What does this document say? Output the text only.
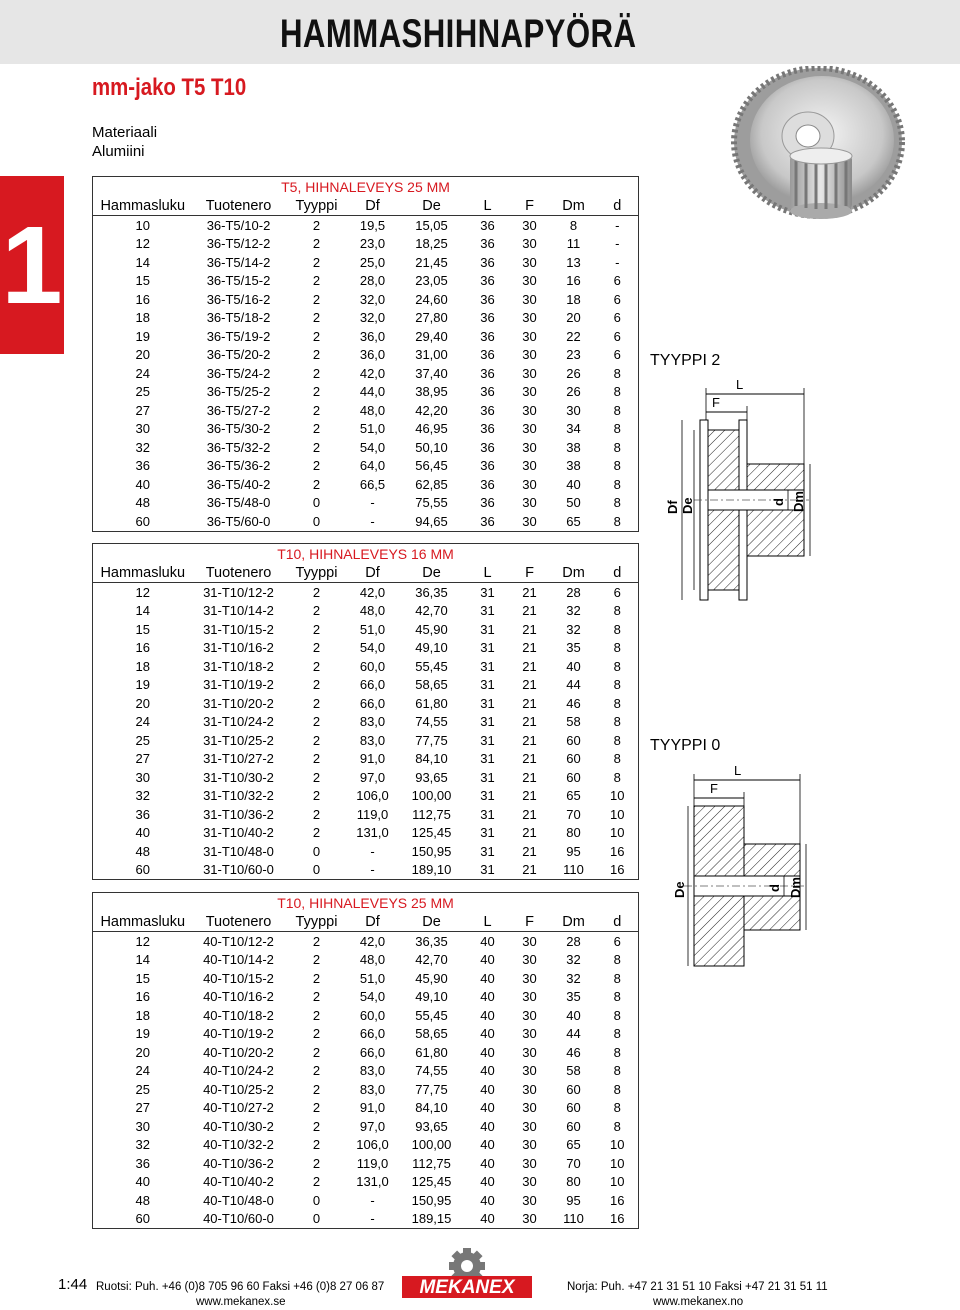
HAMMASHIHNAPYÖRÄ
mm-jako T5 T10
Materiaali
Alumiini
1
T5, HIHNALEVEYS 25 MM								
Hammasluku	Tuotenero	Tyyppi	Df	De	L	F	Dm	d
10	36-T5/10-2	2	19,5	15,05	36	30	8	-
12	36-T5/12-2	2	23,0	18,25	36	30	11	-
14	36-T5/14-2	2	25,0	21,45	36	30	13	-
15	36-T5/15-2	2	28,0	23,05	36	30	16	6
16	36-T5/16-2	2	32,0	24,60	36	30	18	6
18	36-T5/18-2	2	32,0	27,80	36	30	20	6
19	36-T5/19-2	2	36,0	29,40	36	30	22	6
20	36-T5/20-2	2	36,0	31,00	36	30	23	6
24	36-T5/24-2	2	42,0	37,40	36	30	26	8
25	36-T5/25-2	2	44,0	38,95	36	30	26	8
27	36-T5/27-2	2	48,0	42,20	36	30	30	8
30	36-T5/30-2	2	51,0	46,95	36	30	34	8
32	36-T5/32-2	2	54,0	50,10	36	30	38	8
36	36-T5/36-2	2	64,0	56,45	36	30	38	8
40	36-T5/40-2	2	66,5	62,85	36	30	40	8
48	36-T5/48-0	0	-	75,55	36	30	50	8
60	36-T5/60-0	0	-	94,65	36	30	65	8
T10, HIHNALEVEYS 16 MM								
Hammasluku	Tuotenero	Tyyppi	Df	De	L	F	Dm	d
12	31-T10/12-2	2	42,0	36,35	31	21	28	6
14	31-T10/14-2	2	48,0	42,70	31	21	32	8
15	31-T10/15-2	2	51,0	45,90	31	21	32	8
16	31-T10/16-2	2	54,0	49,10	31	21	35	8
18	31-T10/18-2	2	60,0	55,45	31	21	40	8
19	31-T10/19-2	2	66,0	58,65	31	21	44	8
20	31-T10/20-2	2	66,0	61,80	31	21	46	8
24	31-T10/24-2	2	83,0	74,55	31	21	58	8
25	31-T10/25-2	2	83,0	77,75	31	21	60	8
27	31-T10/27-2	2	91,0	84,10	31	21	60	8
30	31-T10/30-2	2	97,0	93,65	31	21	60	8
32	31-T10/32-2	2	106,0	100,00	31	21	65	10
36	31-T10/36-2	2	119,0	112,75	31	21	70	10
40	31-T10/40-2	2	131,0	125,45	31	21	80	10
48	31-T10/48-0	0	-	150,95	31	21	95	16
60	31-T10/60-0	0	-	189,10	31	21	110	16
T10, HIHNALEVEYS 25 MM								
Hammasluku	Tuotenero	Tyyppi	Df	De	L	F	Dm	d
12	40-T10/12-2	2	42,0	36,35	40	30	28	6
14	40-T10/14-2	2	48,0	42,70	40	30	32	8
15	40-T10/15-2	2	51,0	45,90	40	30	32	8
16	40-T10/16-2	2	54,0	49,10	40	30	35	8
18	40-T10/18-2	2	60,0	55,45	40	30	40	8
19	40-T10/19-2	2	66,0	58,65	40	30	44	8
20	40-T10/20-2	2	66,0	61,80	40	30	46	8
24	40-T10/24-2	2	83,0	74,55	40	30	58	8
25	40-T10/25-2	2	83,0	77,75	40	30	60	8
27	40-T10/27-2	2	91,0	84,10	40	30	60	8
30	40-T10/30-2	2	97,0	93,65	40	30	60	8
32	40-T10/32-2	2	106,0	100,00	40	30	65	10
36	40-T10/36-2	2	119,0	112,75	40	30	70	10
40	40-T10/40-2	2	131,0	125,45	40	30	80	10
48	40-T10/48-0	0	-	150,95	40	30	95	16
60	40-T10/60-0	0	-	189,15	40	30	110	16
TYYPPI 2
L
F
Df De	d Dm
TYYPPI 0
L
F
De	d Dm
1:44 Ruotsi: Puh. +46 (0)8 705 96 60 Faksi +46 (0)8 27 06 87
www.mekanex.se
MEKANEX	Norja: Puh. +47 21 31 51 10 Faksi +47 21 31 51 11
www.mekanex.no
